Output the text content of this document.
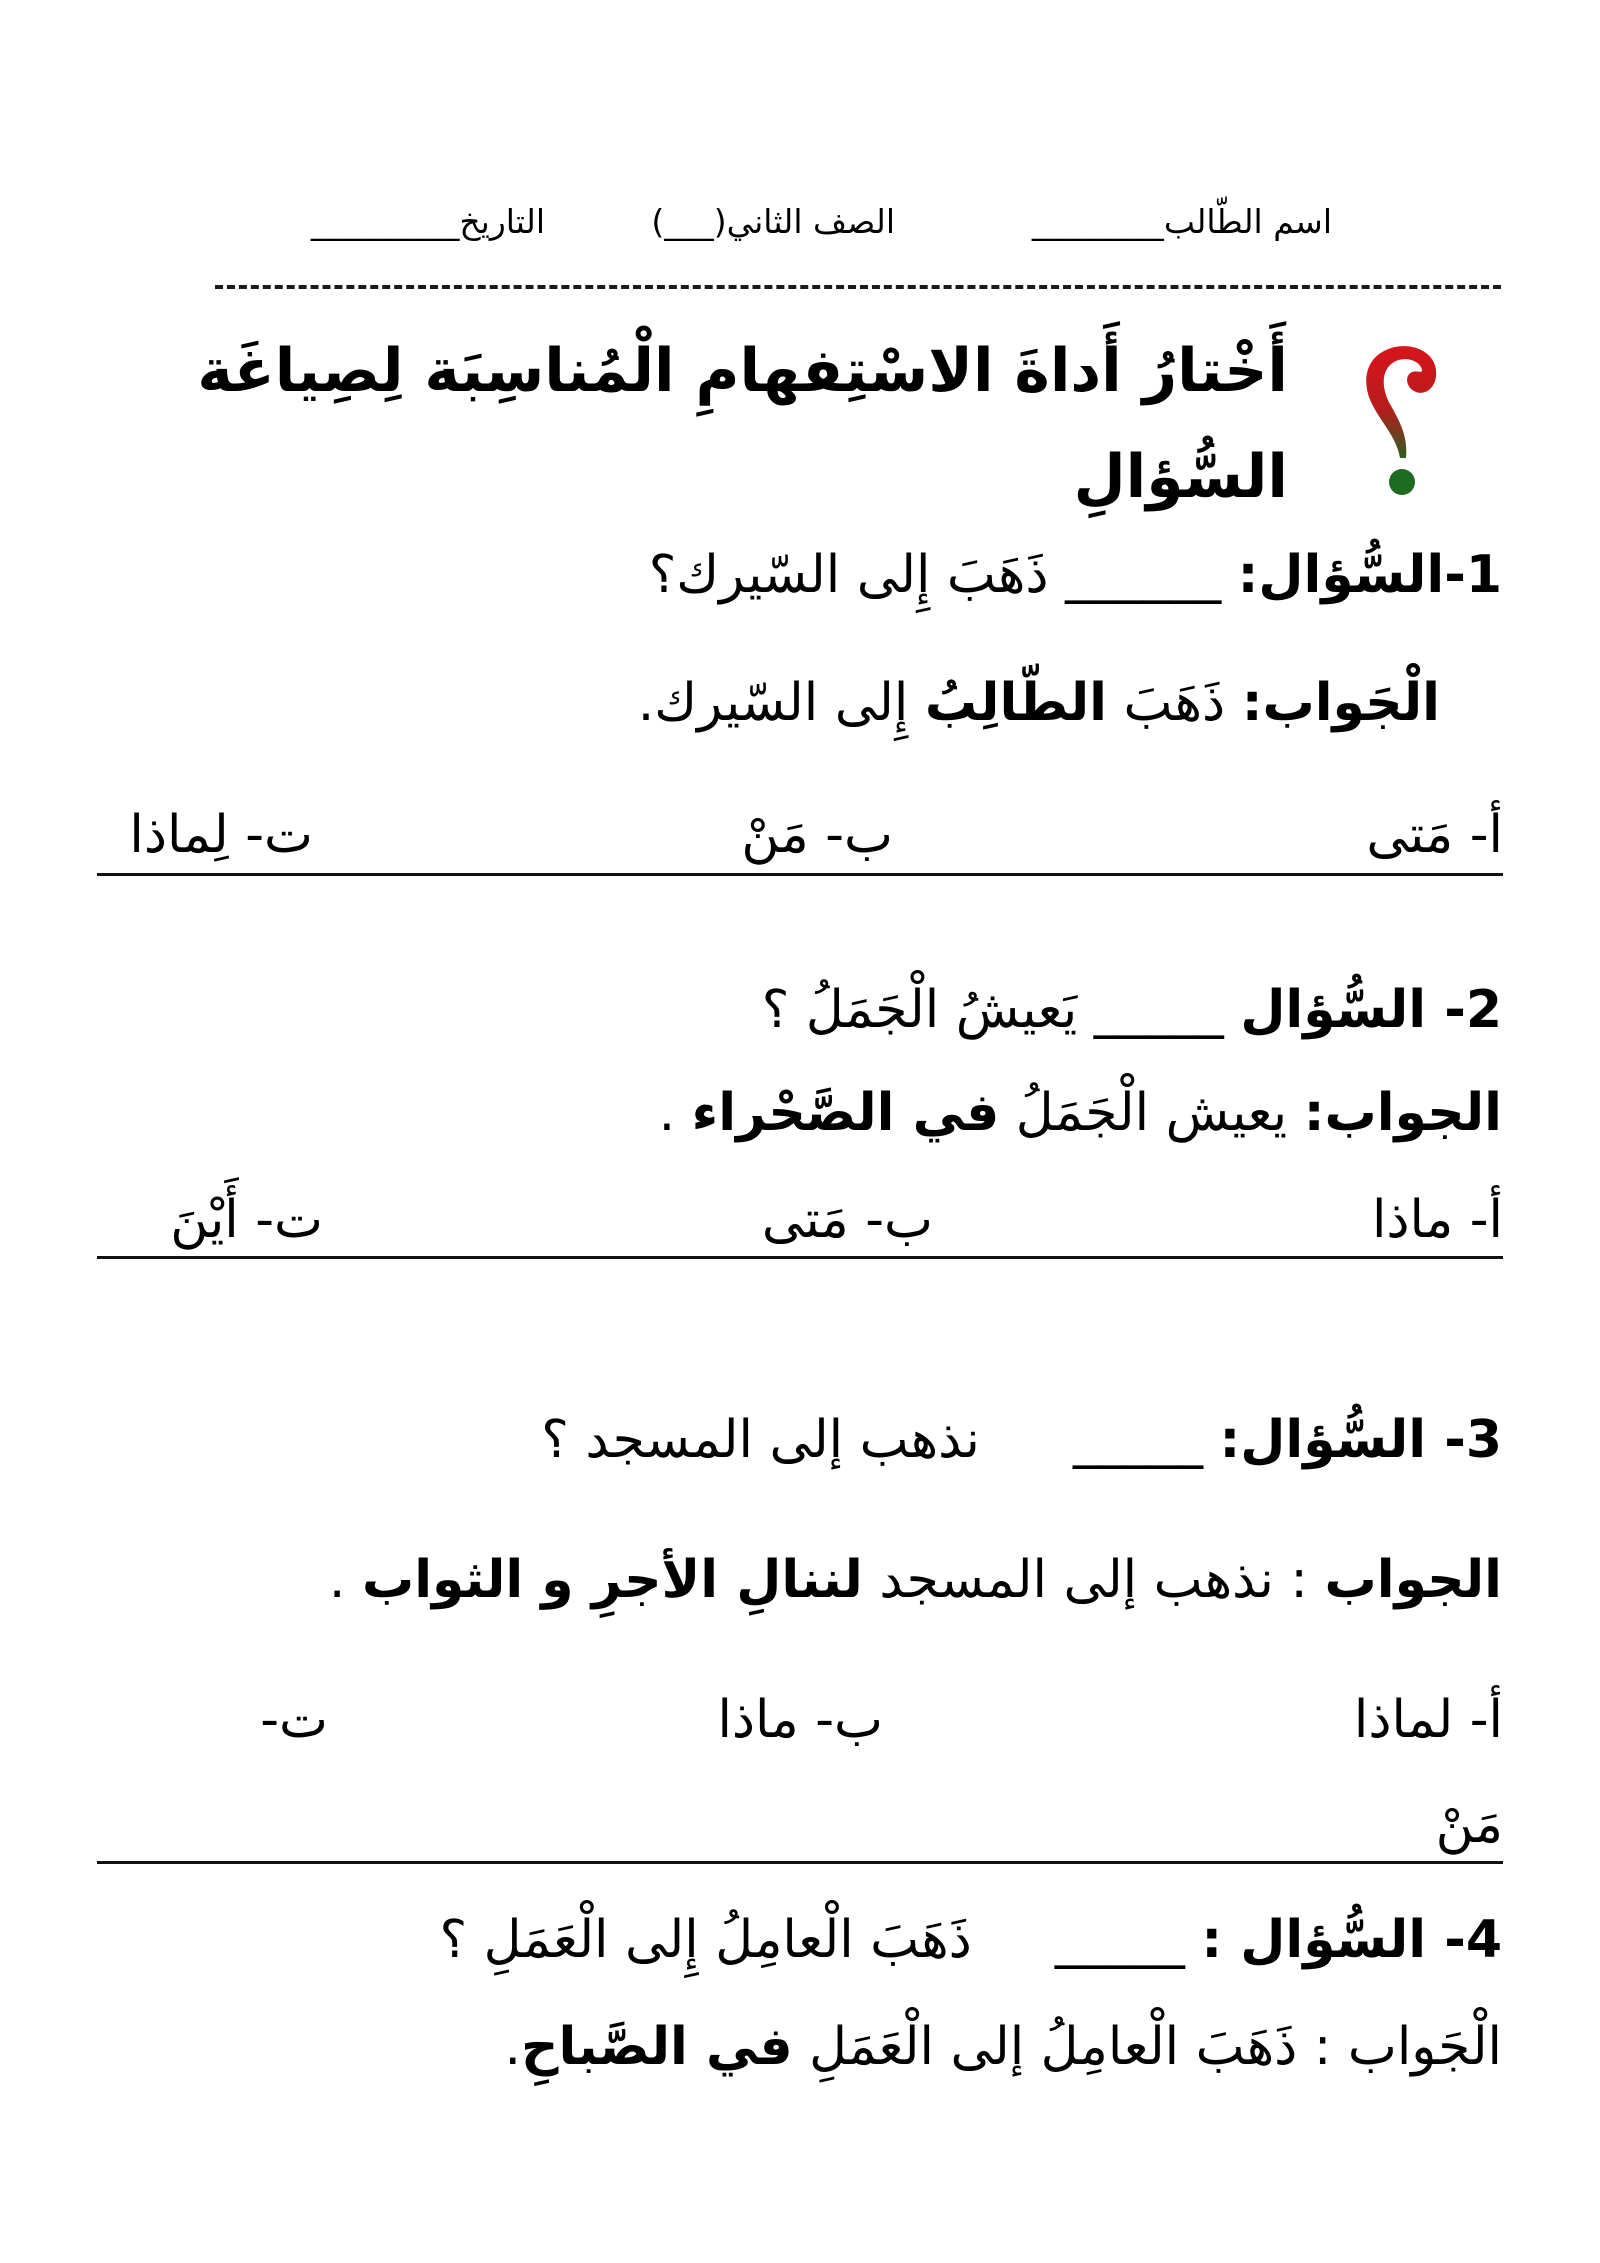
اسم الطّالب________
الصف الثاني(___)
التاريخ_________
أَخْتارُ أَداةَ الاسْتِفهامِ الْمُناسِبَة لِصِياغَة السُّؤالِ
1-السُّؤال: ______ ذَهَبَ إِلى السّيرك؟
الْجَواب: ذَهَبَ الطّالِبُ إِلى السّيرك.
أ- مَتى
ب- مَنْ
ت- لِماذا
2- السُّؤال _____ يَعيشُ الْجَمَلُ ؟
الجواب: يعيش الْجَمَلُ في الصَّحْراء .
أ- ماذا
ب- مَتى
ت- أَيْنَ
3- السُّؤال: _____  نذهب إلى المسجد ؟
الجواب : نذهب إلى المسجد لننالِ الأجرِ و الثواب .
أ- لماذا
ب- ماذا
ت-
مَنْ
4- السُّؤال : _____  ذَهَبَ الْعامِلُ إِلى الْعَمَلِ ؟
الْجَواب : ذَهَبَ الْعامِلُ إلى الْعَمَلِ في الصَّباحِ.
